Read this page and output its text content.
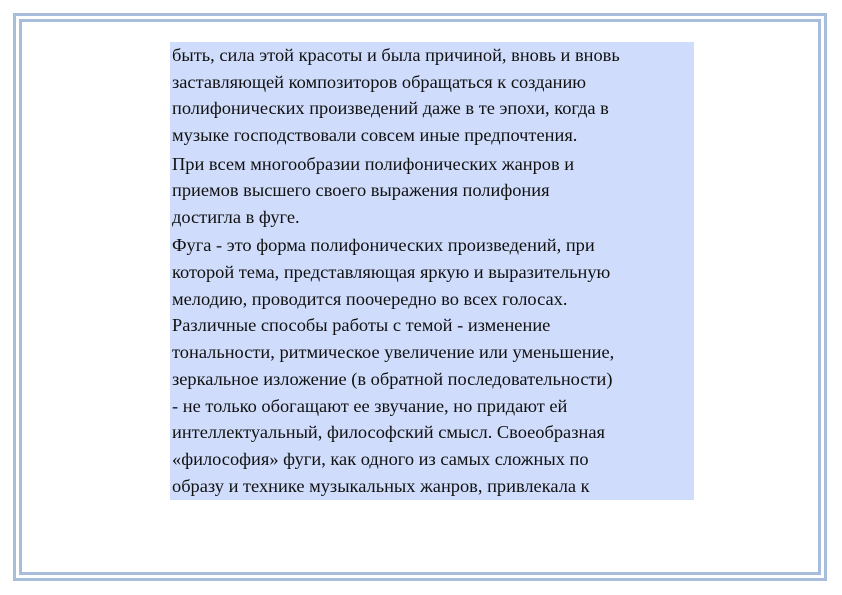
быть, сила этой красоты и была причиной, вновь и вновь
заставляющей композиторов обращаться к созданию
полифонических произведений даже в те эпохи, когда в
музыке господствовали совсем иные предпочтения.

При всем многообразии полифонических жанров и
приемов высшего своего выражения полифония
достигла в фуге.

Фуга - это форма полифонических произведений, при
которой тема, представляющая яркую и выразительную
мелодию, проводится поочередно во всех голосах.
Различные способы работы с темой - изменение
тональности, ритмическое увеличение или уменьшение,
зеркальное изложение (в обратной последовательности)
- не только обогащают ее звучание, но придают ей
интеллектуальный, философский смысл. Своеобразная
«философия» фуги, как одного из самых сложных по
образу и технике музыкальных жанров, привлекала к
